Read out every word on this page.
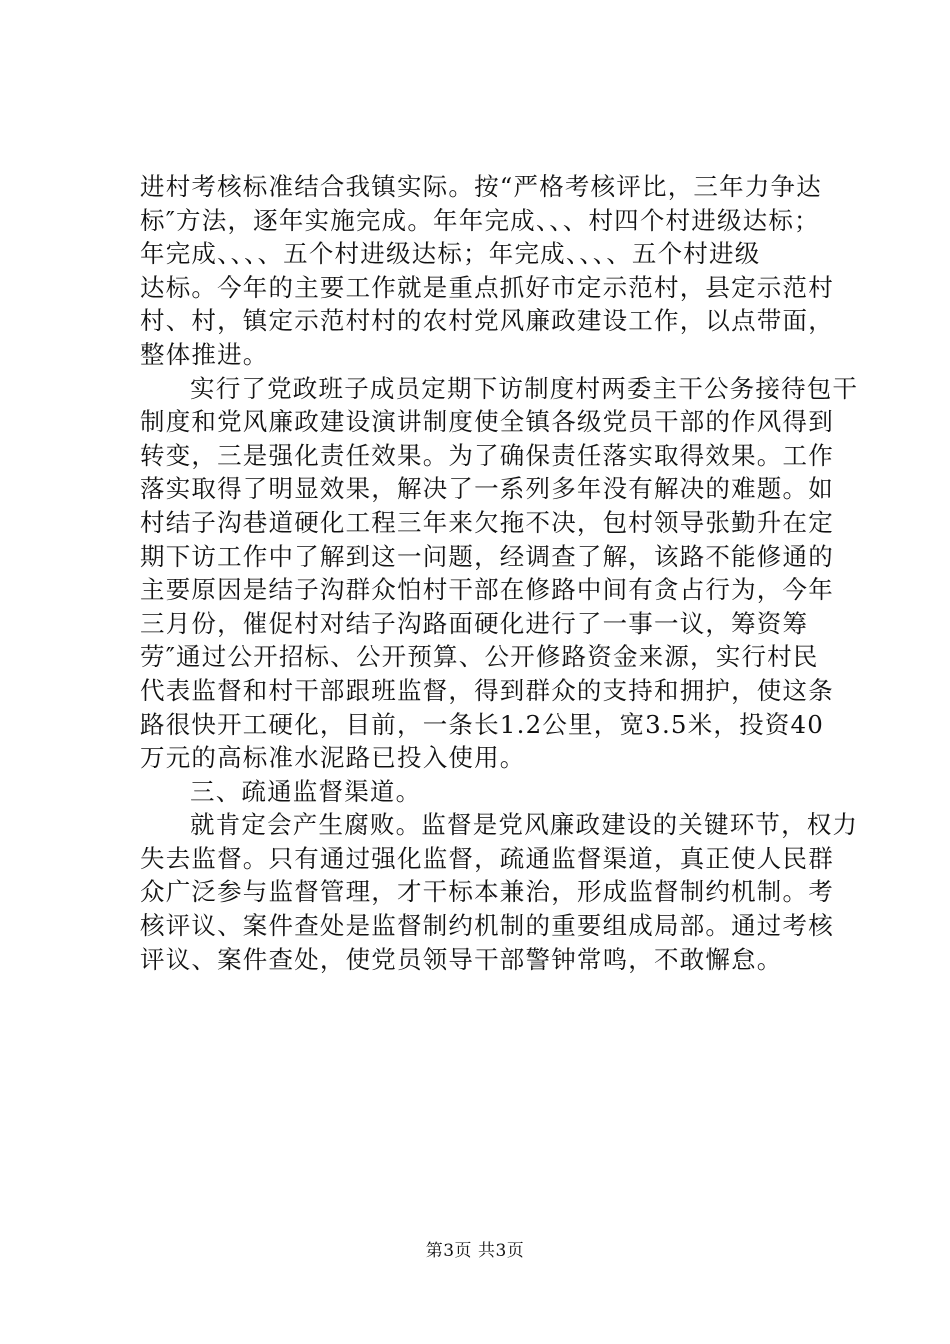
进村考核标准结合我镇实际。按“严格考核评比，三年力争达
标″方法，逐年实施完成。年年完成、、、村四个村进级达标；
年完成、、、、五个村进级达标；年完成、、、、五个村进级
达标。今年的主要工作就是重点抓好市定示范村，县定示范村
村、村，镇定示范村村的农村党风廉政建设工作，以点带面，
整体推进。
实行了党政班子成员定期下访制度村两委主干公务接待包干
制度和党风廉政建设演讲制度使全镇各级党员干部的作风得到
转变，三是强化责任效果。为了确保责任落实取得效果。工作
落实取得了明显效果，解决了一系列多年没有解决的难题。如
村结子沟巷道硬化工程三年来欠拖不决，包村领导张勤升在定
期下访工作中了解到这一问题，经调查了解，该路不能修通的
主要原因是结子沟群众怕村干部在修路中间有贪占行为，今年
三月份，催促村对结子沟路面硬化进行了一事一议，筹资筹
劳″通过公开招标、公开预算、公开修路资金来源，实行村民
代表监督和村干部跟班监督，得到群众的支持和拥护，使这条
路很快开工硬化，目前，一条长1.2公里，宽3.5米，投资40
万元的高标准水泥路已投入使用。
三、疏通监督渠道。
就肯定会产生腐败。监督是党风廉政建设的关键环节，权力
失去监督。只有通过强化监督，疏通监督渠道，真正使人民群
众广泛参与监督管理，才干标本兼治，形成监督制约机制。考
核评议、案件查处是监督制约机制的重要组成局部。通过考核
评议、案件查处，使党员领导干部警钟常鸣，不敢懈怠。
第3页 共3页
